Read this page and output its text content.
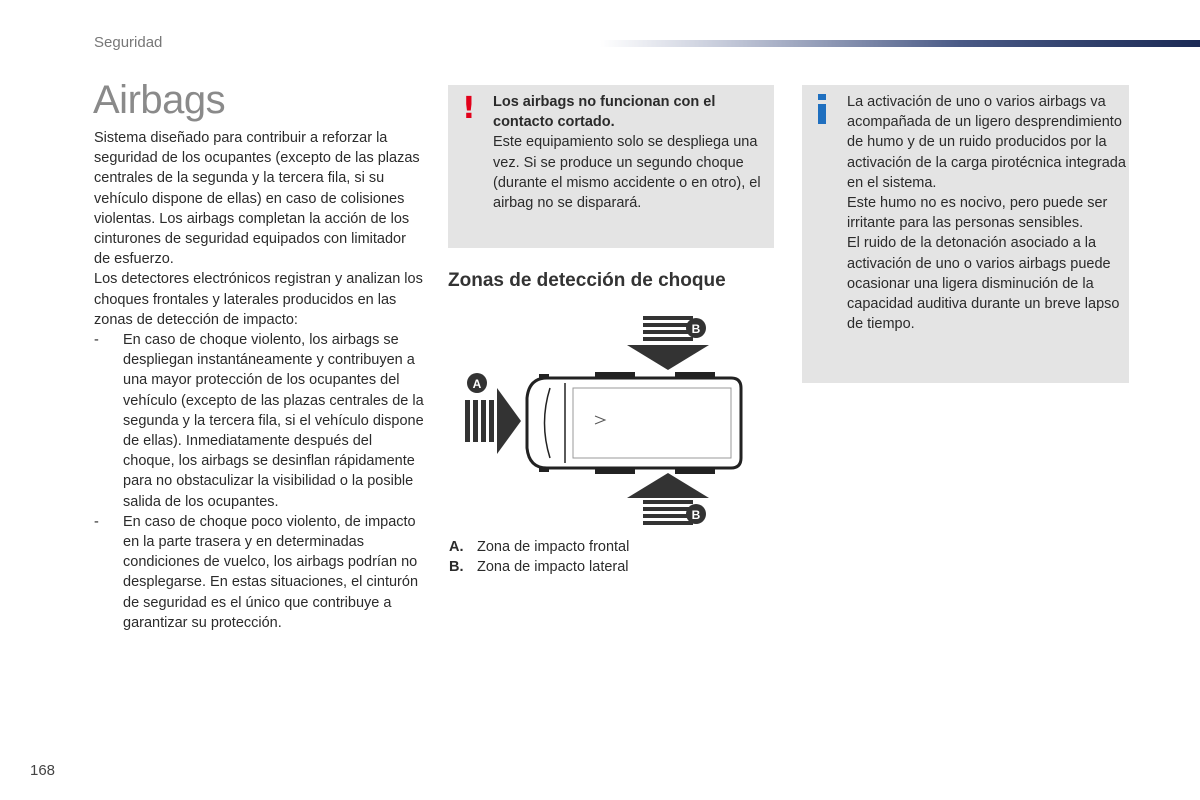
Seguridad
Airbags

Sistema diseñado para contribuir a reforzar la seguridad de los ocupantes (excepto de las plazas centrales de la segunda y la tercera fila, si su vehículo dispone de ellas) en caso de colisiones violentas. Los airbags completan la acción de los cinturones de seguridad equipados con limitador de esfuerzo.

Los detectores electrónicos registran y analizan los choques frontales y laterales producidos en las zonas de detección de impacto:

- En caso de choque violento, los airbags se despliegan instantáneamente y contribuyen a una mayor protección de los ocupantes del vehículo (excepto de las plazas centrales de la segunda y la tercera fila, si el vehículo dispone de ellas). Inmediatamente después del choque, los airbags se desinflan rápidamente para no obstaculizar la visibilidad o la posible salida de los ocupantes.
- En caso de choque poco violento, de impacto en la parte trasera y en determinadas condiciones de vuelco, los airbags podrían no desplegarse. En estas situaciones, el cinturón de seguridad es el único que contribuye a garantizar su protección.
! Los airbags no funcionan con el contacto cortado.
Este equipamiento solo se despliega una vez. Si se produce un segundo choque (durante el mismo accidente o en otro), el airbag no se disparará.
Zonas de detección de choque
B
A
B
A. Zona de impacto frontal
B. Zona de impacto lateral
La activación de uno o varios airbags va acompañada de un ligero desprendimiento de humo y de un ruido producidos por la activación de la carga pirotécnica integrada en el sistema.
Este humo no es nocivo, pero puede ser irritante para las personas sensibles.
El ruido de la detonación asociado a la activación de uno o varios airbags puede ocasionar una ligera disminución de la capacidad auditiva durante un breve lapso de tiempo.
168
